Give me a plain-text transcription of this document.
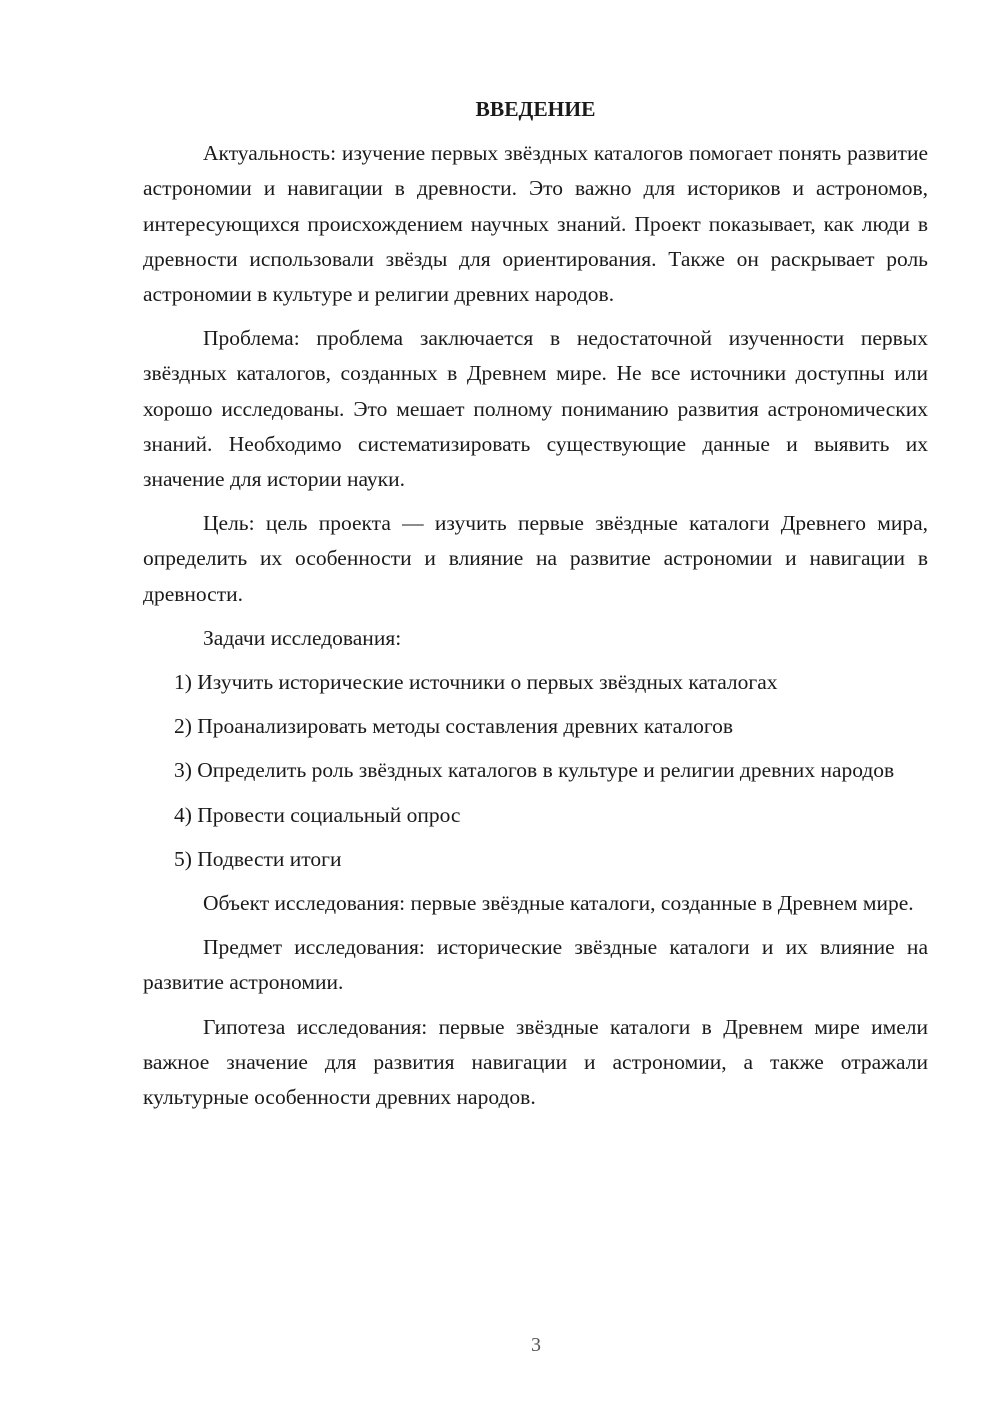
ВВЕДЕНИЕ

Актуальность: изучение первых звёздных каталогов помогает понять развитие астрономии и навигации в древности. Это важно для историков и астрономов, интересующихся происхождением научных знаний. Проект показывает, как люди в древности использовали звёзды для ориентирования. Также он раскрывает роль астрономии в культуре и религии древних народов.

Проблема: проблема заключается в недостаточной изученности первых звёздных каталогов, созданных в Древнем мире. Не все источники доступны или хорошо исследованы. Это мешает полному пониманию развития астрономических знаний. Необходимо систематизировать существующие данные и выявить их значение для истории науки.

Цель: цель проекта — изучить первые звёздные каталоги Древнего мира, определить их особенности и влияние на развитие астрономии и навигации в древности.

Задачи исследования:

1) Изучить исторические источники о первых звёздных каталогах

2) Проанализировать методы составления древних каталогов

3) Определить роль звёздных каталогов в культуре и религии древних народов

4) Провести социальный опрос

5) Подвести итоги

Объект исследования: первые звёздные каталоги, созданные в Древнем мире.

Предмет исследования: исторические звёздные каталоги и их влияние на развитие астрономии.

Гипотеза исследования: первые звёздные каталоги в Древнем мире имели важное значение для развития навигации и астрономии, а также отражали культурные особенности древних народов.

3
